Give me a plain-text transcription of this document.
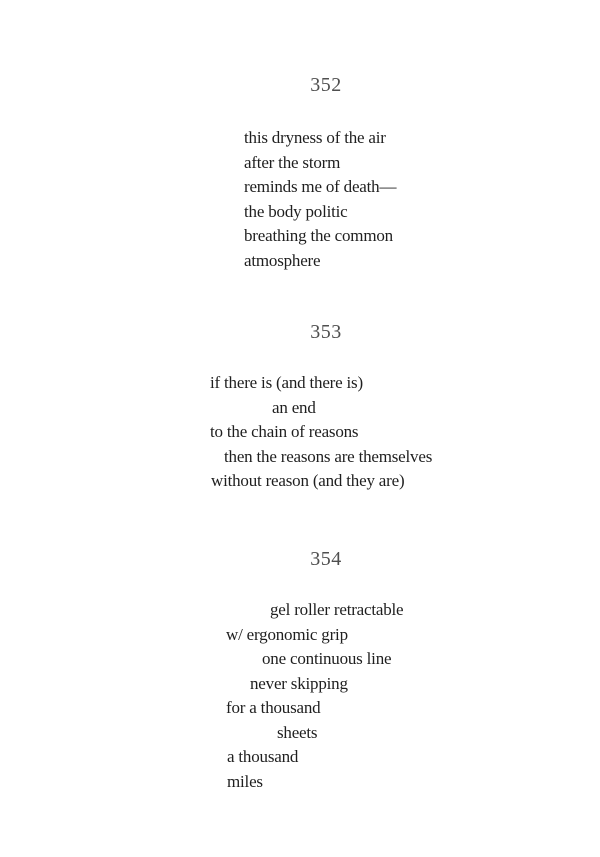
352
this dryness of the air
after the storm
reminds me of death—
the body politic
breathing the common
atmosphere
353
if there is (and there is)
an end
to the chain of reasons
then the reasons are themselves
without reason (and they are)
354
gel roller retractable
w/ ergonomic grip
one continuous line
never skipping
for a thousand
sheets
a thousand
miles
